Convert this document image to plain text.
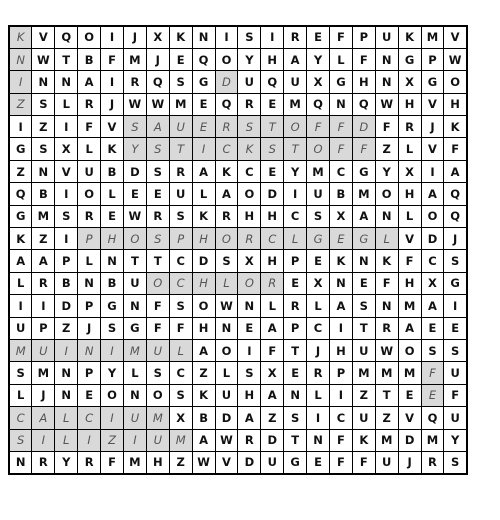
K	V	Q	O	I	J	X	K	N	I	S	I	R	E	F	P	U	K	M	V
N	W	T	B	F	M	J	E	Q	O	Y	H	A	Y	L	F	N	G	P	W
I	N	N	A	I	R	Q	S	G	D	U	Q	U	X	G	H	N	X	G	O
Z	S	L	R	J	W	W	M	E	Q	R	E	M	Q	N	Q	W	H	V	H
I	Z	I	F	V	S	A	U	E	R	S	T	O	F	F	D	F	R	J	K
G	S	X	L	K	Y	S	T	I	C	K	S	T	O	F	F	Z	L	V	F
Z	N	V	U	B	D	S	R	A	K	C	E	Y	M	C	G	Y	X	I	A
Q	B	I	O	L	E	E	U	L	A	O	D	I	U	B	M	O	H	A	Q
G	M	S	R	E	W	R	S	K	R	H	H	C	S	X	A	N	L	O	Q
K	Z	I	P	H	O	S	P	H	O	R	C	L	G	E	G	L	V	D	J
A	A	P	L	N	T	T	C	D	S	X	H	P	E	K	N	K	F	C	S
L	R	B	N	B	U	O	C	H	L	O	R	E	X	N	E	F	H	X	G
I	I	D	P	G	N	F	S	O	W	N	L	R	L	A	S	N	M	A	I
U	P	Z	J	S	G	F	F	H	N	E	A	P	C	I	T	R	A	E	E
M	U	I	N	I	M	U	L	A	O	I	F	T	J	H	U	W	O	S	S
S	M	N	P	Y	L	S	C	Z	L	S	X	E	R	P	M	M	M	F	U
L	J	N	E	O	N	O	S	K	U	H	A	N	L	I	Z	T	E	E	F
C	A	L	C	I	U	M	X	B	D	A	Z	S	I	C	U	Z	V	Q	U
S	I	L	I	Z	I	U	M	A	W	R	D	T	N	F	K	M	D	M	Y
N	R	Y	R	F	M	H	Z	W	V	D	U	G	E	F	F	U	J	R	S
